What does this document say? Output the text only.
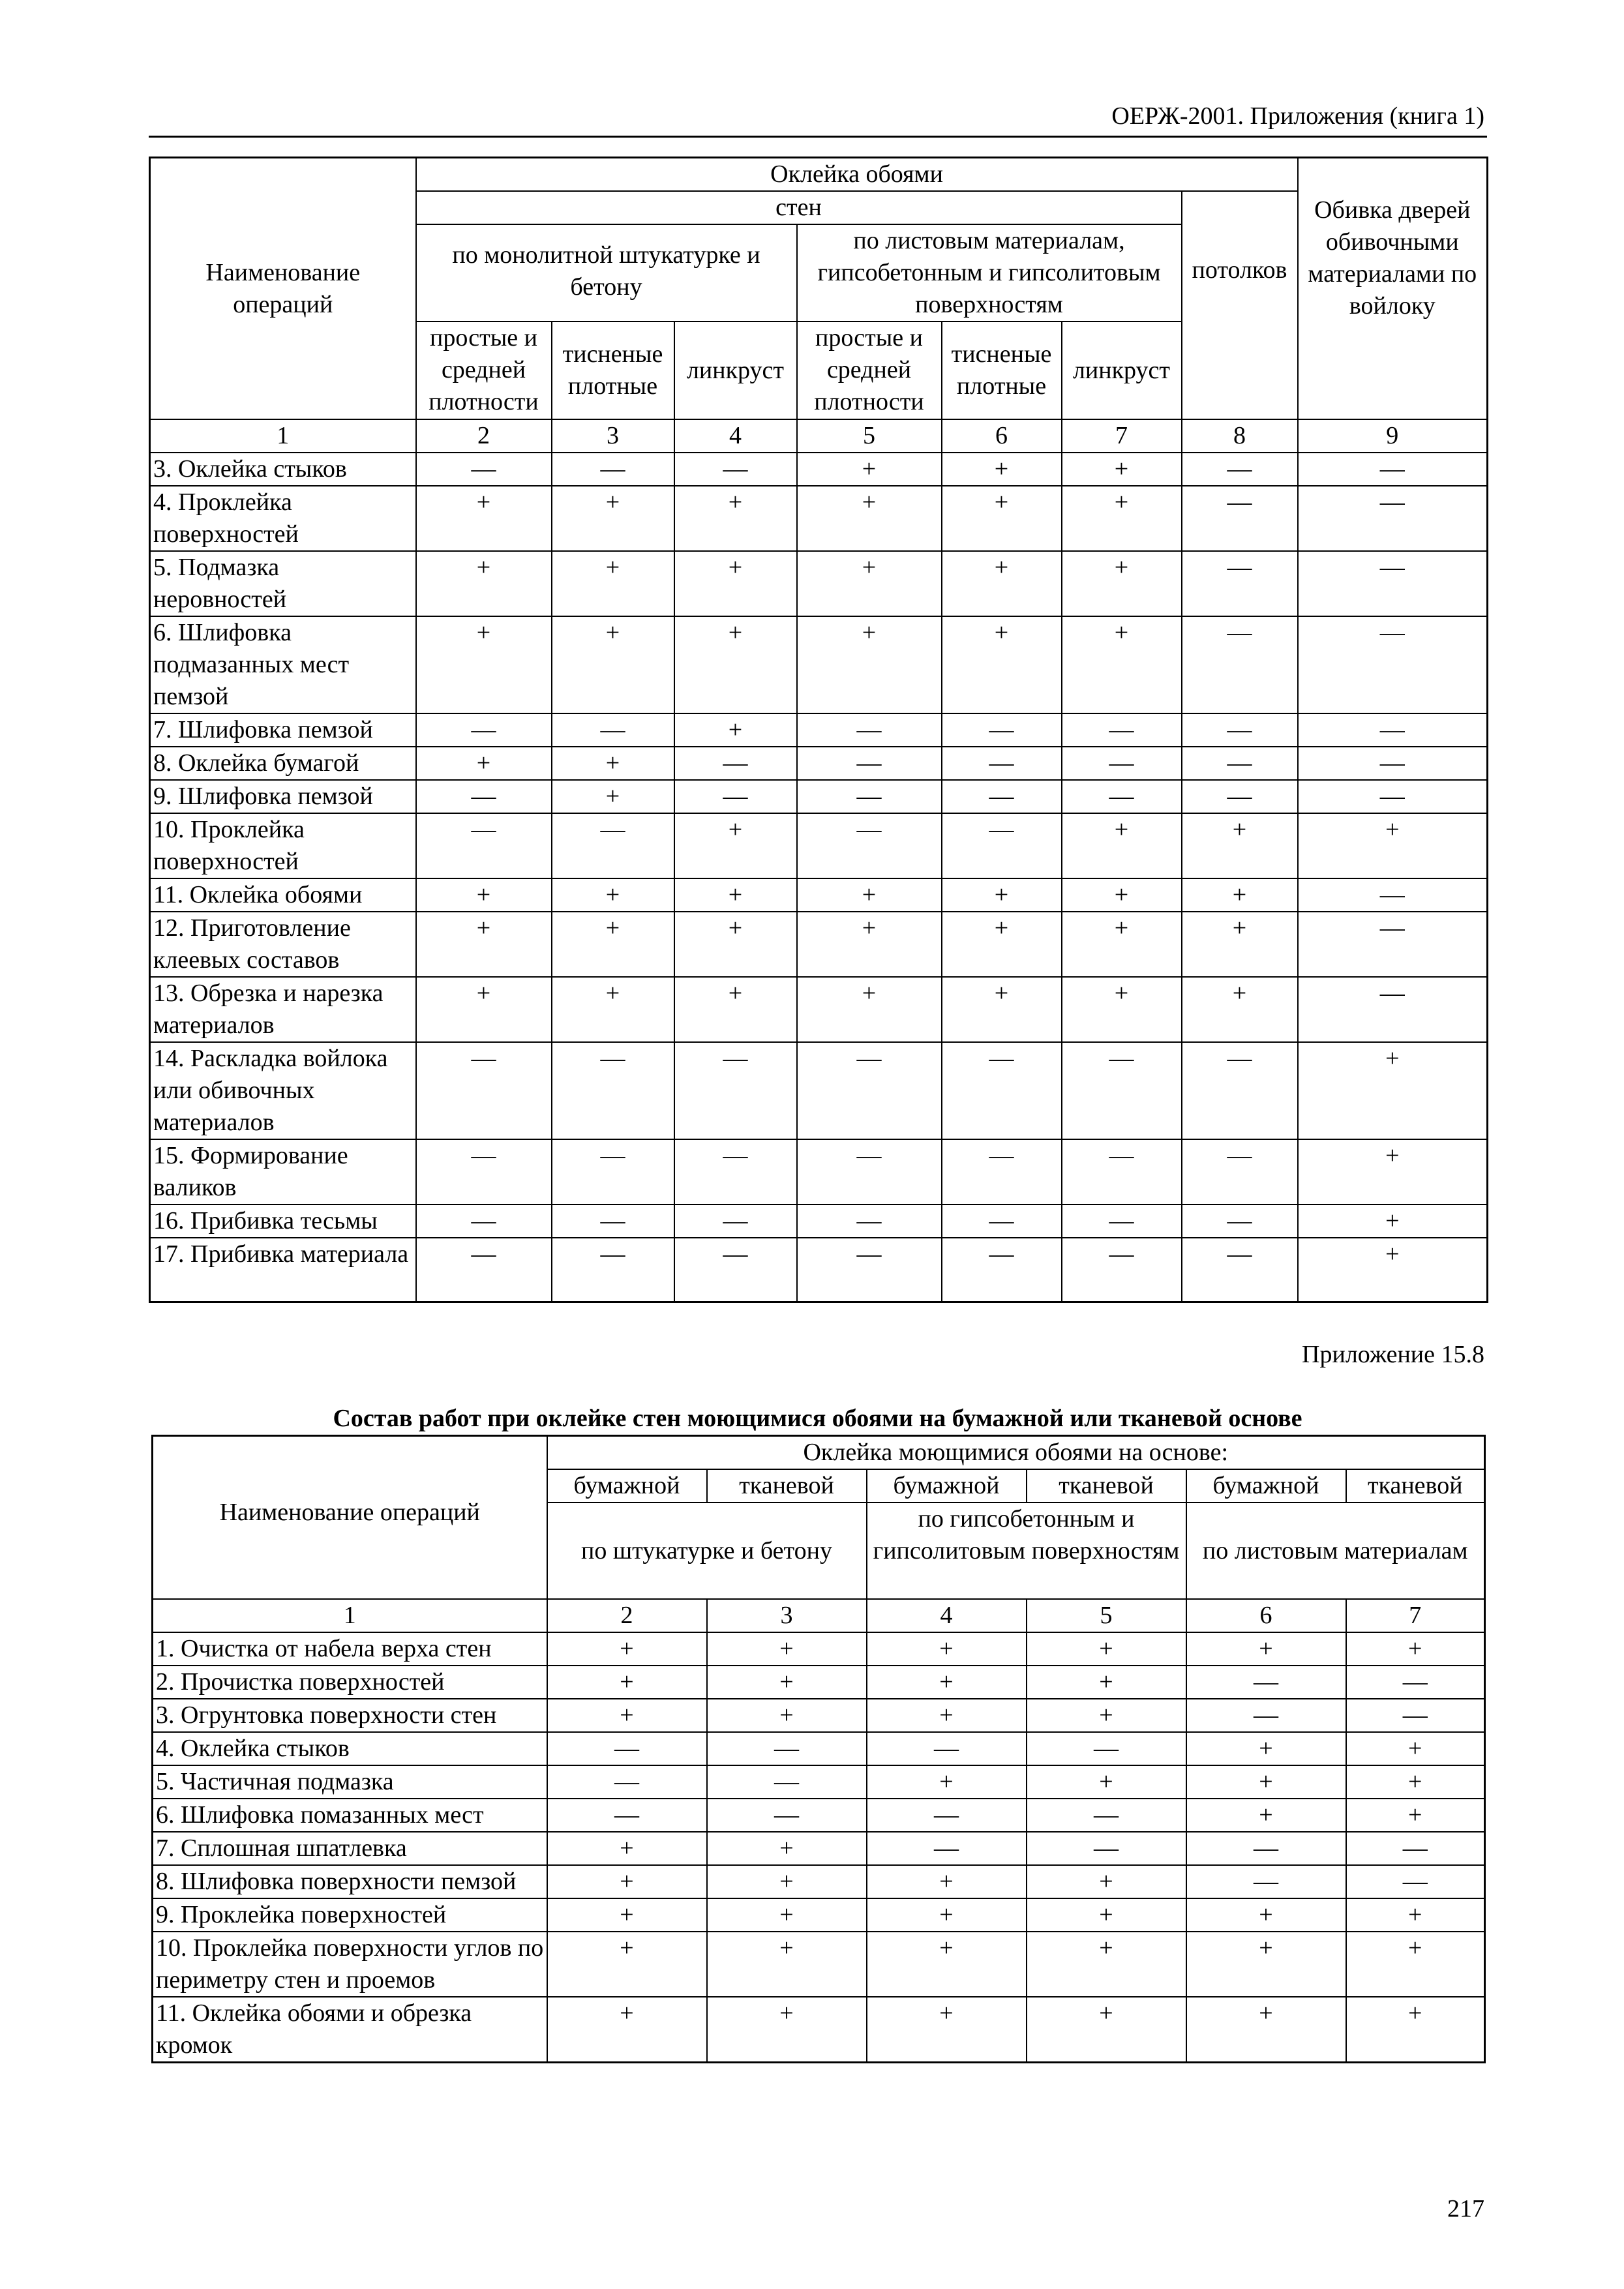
ОЕРЖ-2001. Приложения (книга 1)
Наименование операций	Оклейка обоями							Обивка дверей обивочными материалами по войлоку
	стен						потолков	
	по монолитной штукатурке и бетону			по листовым материалам, гипсобетонным и гипсолитовым поверхностям				
	простые и средней плотности	тисненые плотные	линкруст	простые и средней плотности	тисненые плотные	линкруст		
1	2	3	4	5	6	7	8	9
3. Оклейка стыков	—	—	—	+	+	+	—	—
4. Проклейка поверхностей	+	+	+	+	+	+	—	—
5. Подмазка неровностей	+	+	+	+	+	+	—	—
6. Шлифовка подмазанных мест пемзой	+	+	+	+	+	+	—	—
7. Шлифовка пемзой	—	—	+	—	—	—	—	—
8. Оклейка бумагой	+	+	—	—	—	—	—	—
9. Шлифовка пемзой	—	+	—	—	—	—	—	—
10. Проклейка поверхностей	—	—	+	—	—	+	+	+
11. Оклейка обоями	+	+	+	+	+	+	+	—
12. Приготовление клеевых составов	+	+	+	+	+	+	+	—
13. Обрезка и нарезка материалов	+	+	+	+	+	+	+	—
14. Раскладка войлока или обивочных материалов	—	—	—	—	—	—	—	+
15. Формирование валиков	—	—	—	—	—	—	—	+
16. Прибивка тесьмы	—	—	—	—	—	—	—	+
17. Прибивка материала	—	—	—	—	—	—	—	+
Приложение 15.8
Состав работ при оклейке стен моющимися обоями на бумажной или тканевой основе
Наименование операций	Оклейка моющимися обоями на основе:					
	бумажной	тканевой	бумажной	тканевой	бумажной	тканевой
	по штукатурке и бетону		по гипсобетонным и гипсолитовым поверхностям		по листовым материалам	
1	2	3	4	5	6	7
1. Очистка от набела верха стен	+	+	+	+	+	+
2. Прочистка поверхностей	+	+	+	+	—	—
3. Огрунтовка поверхности стен	+	+	+	+	—	—
4. Оклейка стыков	—	—	—	—	+	+
5. Частичная подмазка	—	—	+	+	+	+
6. Шлифовка помазанных мест	—	—	—	—	+	+
7. Сплошная шпатлевка	+	+	—	—	—	—
8. Шлифовка поверхности пемзой	+	+	+	+	—	—
9. Проклейка поверхностей	+	+	+	+	+	+
10. Проклейка поверхности углов по периметру стен и проемов	+	+	+	+	+	+
11. Оклейка обоями и обрезка кромок	+	+	+	+	+	+
217
